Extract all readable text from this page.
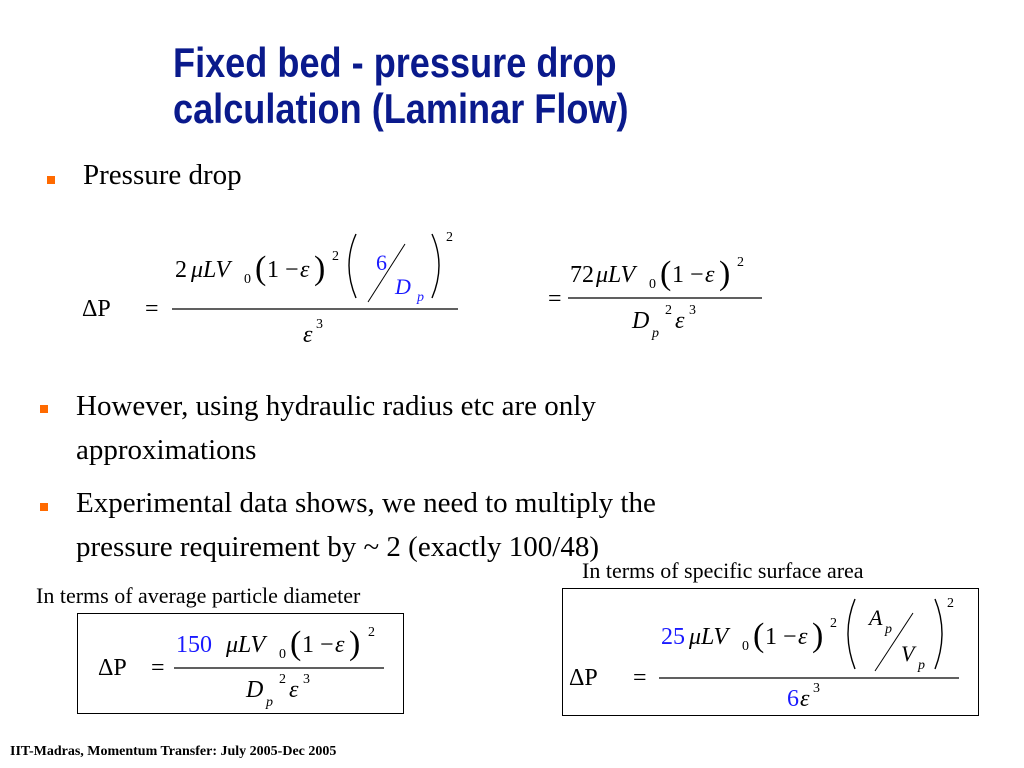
Fixed bed - pressure drop
calculation (Laminar Flow)
Pressure drop
ΔP =
2 μLV 0 ( 1 − ε ) 2 6
D p
2
ε 3
=
72 μLV 0 ( 1 − ε ) 2
D p
2 ε 3
However, using hydraulic radius etc are only
approximations
Experimental data shows, we need to multiply the
pressure requirement by ~ 2 (exactly 100/48)
In terms of average particle diameter
In terms of specific surface area
ΔP =
150 μLV 0 ( 1 − ε ) 2
D p
2 ε 3	ΔP =
25 μLV 0 ( 1 − ε ) 2 A p
V p
2
6 ε 3
IIT-Madras, Momentum Transfer: July 2005-Dec 2005
